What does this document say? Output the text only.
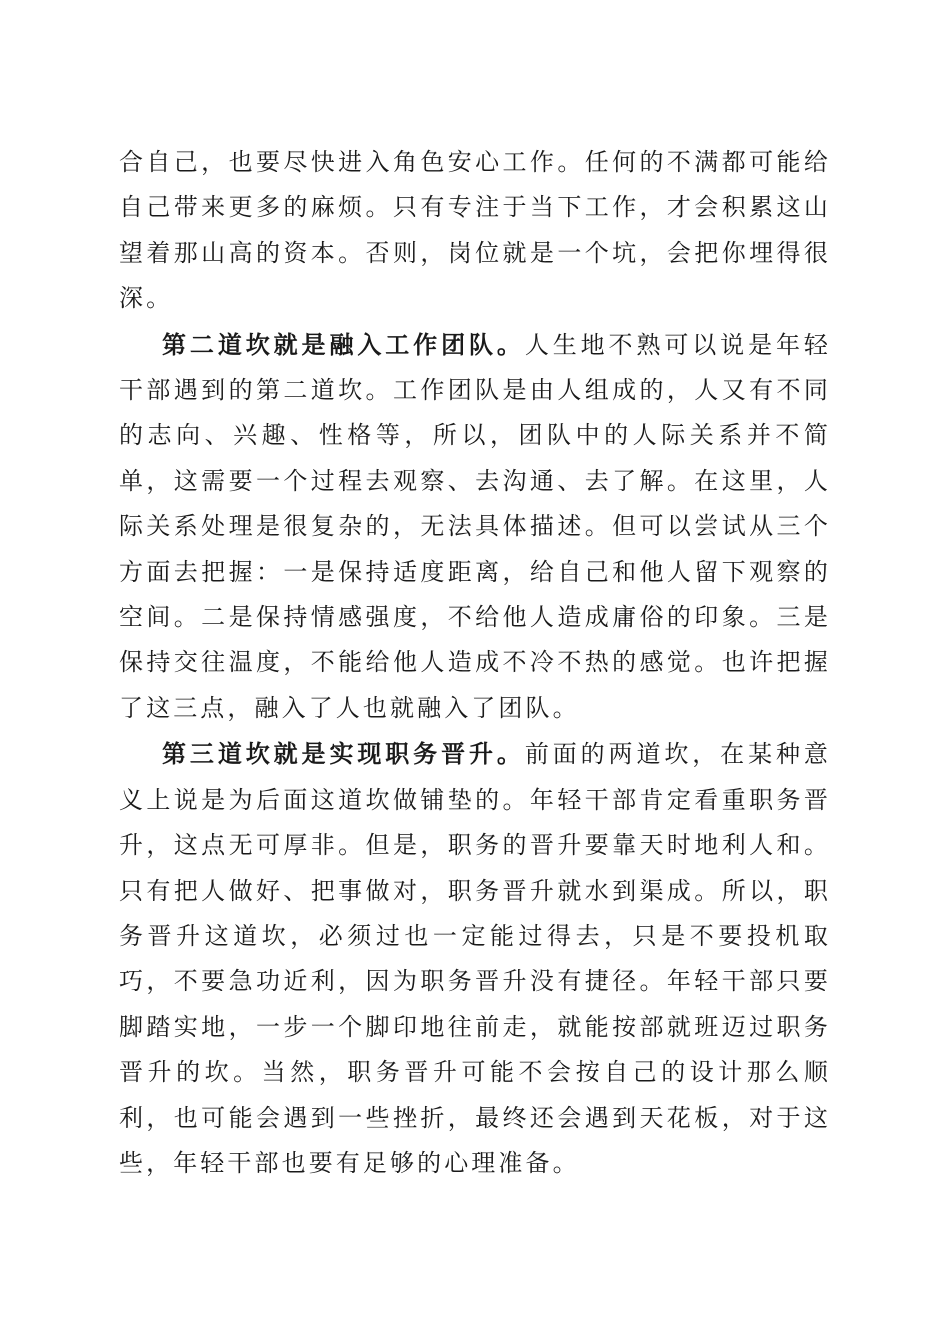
合自己，也要尽快进入角色安心工作。任何的不满都可能给自己带来更多的麻烦。只有专注于当下工作，才会积累这山望着那山高的资本。否则，岗位就是一个坑，会把你埋得很深。

第二道坎就是融入工作团队。人生地不熟可以说是年轻干部遇到的第二道坎。工作团队是由人组成的，人又有不同的志向、兴趣、性格等，所以，团队中的人际关系并不简单，这需要一个过程去观察、去沟通、去了解。在这里，人际关系处理是很复杂的，无法具体描述。但可以尝试从三个方面去把握：一是保持适度距离，给自己和他人留下观察的空间。二是保持情感强度，不给他人造成庸俗的印象。三是保持交往温度，不能给他人造成不冷不热的感觉。也许把握了这三点，融入了人也就融入了团队。

第三道坎就是实现职务晋升。前面的两道坎，在某种意义上说是为后面这道坎做铺垫的。年轻干部肯定看重职务晋升，这点无可厚非。但是，职务的晋升要靠天时地利人和。只有把人做好、把事做对，职务晋升就水到渠成。所以，职务晋升这道坎，必须过也一定能过得去，只是不要投机取巧，不要急功近利，因为职务晋升没有捷径。年轻干部只要脚踏实地，一步一个脚印地往前走，就能按部就班迈过职务晋升的坎。当然，职务晋升可能不会按自己的设计那么顺利，也可能会遇到一些挫折，最终还会遇到天花板，对于这些，年轻干部也要有足够的心理准备。
